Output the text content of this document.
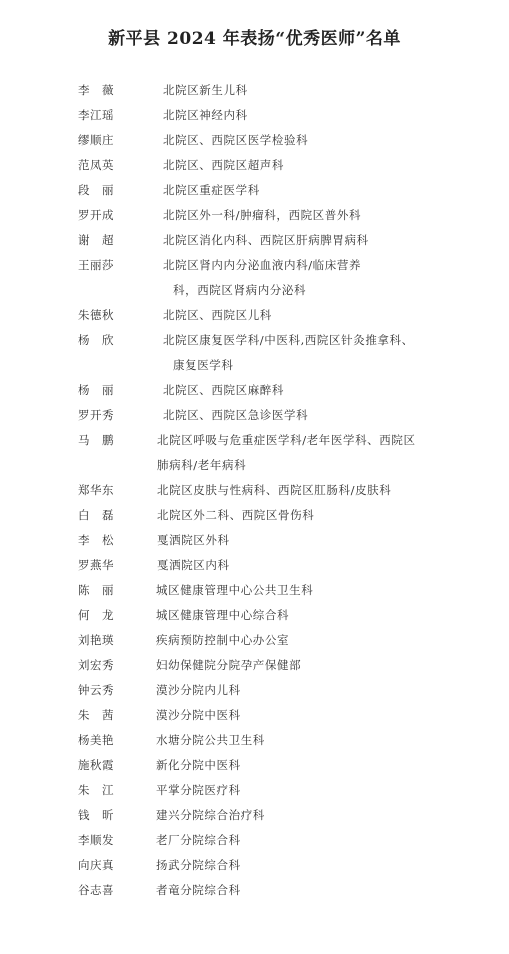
新平县 2024 年表扬“优秀医师”名单
李　薇	北院区新生儿科
李江瑶	北院区神经内科
缪顺庄	北院区、西院区医学检验科
范凤英	北院区、西院区超声科
段　丽	北院区重症医学科
罗开成	北院区外一科/肿瘤科，西院区普外科
谢　超	北院区消化内科、西院区肝病脾胃病科
王丽莎	北院区肾内内分泌血液内科/临床营养
科，西院区肾病内分泌科
朱德秋	北院区、西院区儿科
杨　欣	北院区康复医学科/中医科,西院区针灸推拿科、
康复医学科
杨　丽	北院区、西院区麻醉科
罗开秀	北院区、西院区急诊医学科
马　鹏	北院区呼吸与危重症医学科/老年医学科、西院区
肺病科/老年病科
郑华东	北院区皮肤与性病科、西院区肛肠科/皮肤科
白　磊	北院区外二科、西院区骨伤科
李　松	戛洒院区外科
罗燕华	戛洒院区内科
陈　丽	城区健康管理中心公共卫生科
何　龙	城区健康管理中心综合科
刘艳瑛	疾病预防控制中心办公室
刘宏秀	妇幼保健院分院孕产保健部
钟云秀	漠沙分院内儿科
朱　茜	漠沙分院中医科
杨美艳	水塘分院公共卫生科
施秋霞	新化分院中医科
朱　江	平掌分院医疗科
钱　昕	建兴分院综合治疗科
李顺发	老厂分院综合科
向庆真	扬武分院综合科
谷志喜	者竜分院综合科
